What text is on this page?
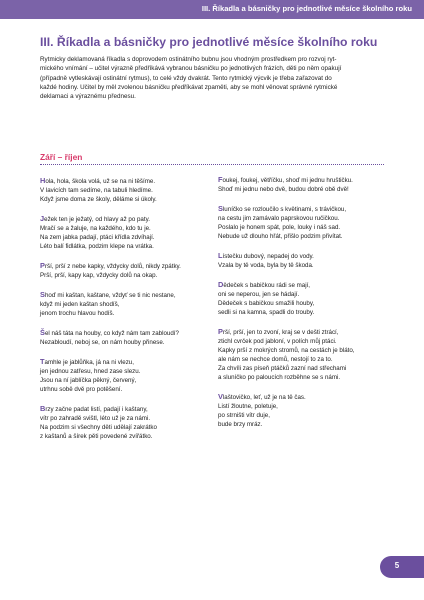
III. Říkadla a básničky pro jednotlivé měsíce školního roku
III. Říkadla a básničky pro jednotlivé měsíce školního roku
Rytmicky deklamovaná říkadla s doprovodem ostinátního bubnu jsou vhodným prostředkem pro rozvoj ryt-
mického vnímání – učitel výrazně předříkává vybranou básničku po jednotlivých frázích, děti po něm opakují
(případně vytleskávají ostinátní rytmus), to celé vždy dvakrát. Tento rytmický výcvik je třeba zařazovat do
každé hodiny. Učitel by měl zvolenou básničku předříkávat zpaměti, aby se mohl věnovat správné rytmické
deklamaci a výraznému přednesu.
Září – říjen
Hola, hola, škola volá, už se na ni těšíme.
V lavicích tam sedíme, na tabuli hledíme.
Když jsme doma ze školy, děláme si úkoly.
Ježek ten je ježatý, od hlavy až po paty.
Mračí se a žaluje, na každého, kdo tu je.
Na zem jabka padají, ptáci křídla zdvíhají.
Léto balí fidlátka, podzim klepe na vrátka.
Prší, prší z nebe kapky, vždycky dolů, nikdy zpátky.
Prší, prší, kapy kap, vždycky dolů na okap.
Shoď mi kaštan, kaštane, vždyť se ti nic nestane,
když mi jeden kaštan shodíš,
jenom trochu hlavou hodíš.
Šel náš táta na houby, co když nám tam zabloudí?
Nezabloudí, neboj se, on nám houby přinese.
Tamhle je jablůňka, já na ni vlezu,
jen jednou zatřesu, hned zase slezu.
Jsou na ní jablíčka pěkný, červený,
utrhnu sobě dvě pro potěšení.
Brzy začne padat listí, padají i kaštany,
vítr po zahradě svištl, léto už je za námi.
Na podzim si všechny děti udělají zakrátko
z kaštanů a šírek pěti povedené zvířátko.
Foukej, foukej, větříčku, shoď mi jednu hruštičku.
Shoď mi jednu nebo dvě, budou dobré obě dvě!
Sluníčko se rozloučilo s květinami, s trávičkou,
na cestu jim zamávalo paprskovou ručičkou.
Poslalo je honem spát, pole, louky i náš sad.
Nebude už dlouho hřát, přišlo podzim přivítat.
Lístečku dubový, nepadej do vody.
Vzala by tě voda, byla by tě škoda.
Dědeček s babičkou rádi se mají,
oni se neperou, jen se hádají.
Dědeček s babičkou smažili houby,
sedli si na kamna, spadli do trouby.
Prší, prší, jen to zvoní, kraj se v dešti ztrácí,
ztichl cvrček pod jabloní, v polích můj ptáci.
Kapky prší z mokrých stromů, na cestách je bláto,
ale nám se nechce domů, nestojí to za to.
Za chvíli zas píseň ptáčků zazní nad střechami
a sluníčko po paloucích rozběhne se s námi.
Vlaštovičko, leť, už je na tě čas.
Listí žloutne, poletuje,
po strništi vítr duje,
bude brzy mráz.
5
